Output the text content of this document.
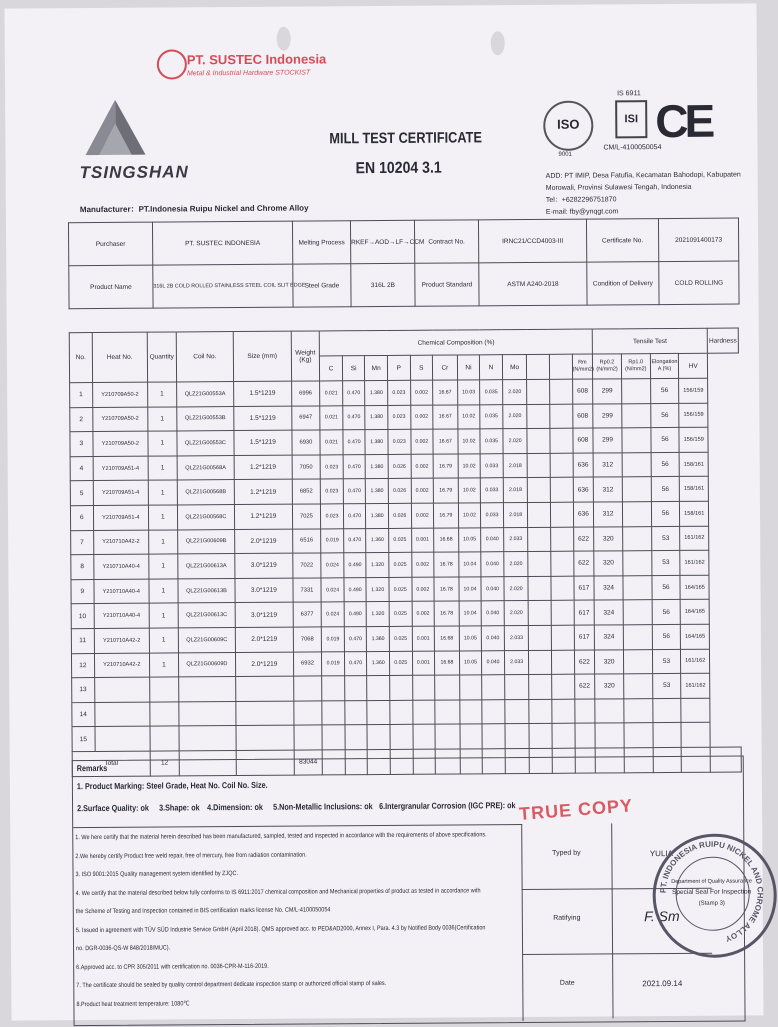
PT. SUSTEC Indonesia
Metal & Industrial Hardware STOCKIST
TSINGSHAN
MILL TEST CERTIFICATE
EN 10204 3.1
ISO
9001
IS 6911
ISI
CM/L-4100050054
CE
ADD: PT IMIP, Desa Fatufia, Kecamatan Bahodopi, Kabupaten Morowali, Provinsi Sulawesi Tengah, Indonesia
Tel：+6282296751870
E-mail: fby@ynqgt.com
Manufacturer：PT.Indonesia Ruipu Nickel and Chrome Alloy
Purchaser	PT. SUSTEC INDONESIA	Melting Process	RKEF→AOD→LF→CCM	Contract No.	IRNC21/CCD4003-III	Certificate No.	2021091400173
Product Name	316L 2B COLD ROLLED STAINLESS STEEL COIL SLIT EDGE	Steel Grade	316L 2B	Product Standard	ASTM A240-2018	Condition of Delivery	COLD ROLLING
No.	Heat No.	Quantity	Coil No.	Size (mm)	Weight
(Kg)	Chemical Composition (%)												Tensile Test				Hardness
						C	Si	Mn	P	S	Cr	Ni	N	Mo			Rm (N/mm2)	Rp0.2 (N/mm2)	Rp1.0 (N/mm2)	Elongation A (%)	HV	
1	Y210709A50-2	1	QLZ21G00553A	1.5*1219	6996	0.021	0.470	1.380	0.023	0.002	16.67	10.03	0.035	2.020			608	299		56	156/159	
2	Y210709A50-2	1	QLZ21G00553B	1.5*1219	6947	0.021	0.470	1.380	0.023	0.002	16.67	10.02	0.035	2.020			608	299		56	156/159	
3	Y210709A50-2	1	QLZ21G00553C	1.5*1219	6930	0.021	0.470	1.380	0.023	0.002	16.67	10.02	0.035	2.020			608	299		56	156/159	
4	Y210709A51-4	1	QLZ21G00568A	1.2*1219	7050	0.023	0.470	1.380	0.026	0.002	16.79	10.02	0.033	2.018			636	312		56	158/161	
5	Y210709A51-4	1	QLZ21G00568B	1.2*1219	6852	0.023	0.470	1.380	0.026	0.002	16.79	10.02	0.033	2.018			636	312		56	158/161	
6	Y210709A51-4	1	QLZ21G00568C	1.2*1219	7025	0.023	0.470	1.380	0.026	0.002	16.79	10.02	0.033	2.018			636	312		56	158/161	
7	Y210710A42-2	1	QLZ21G00609B	2.0*1219	6516	0.019	0.470	1.360	0.025	0.001	16.68	10.05	0.040	2.033			622	320		53	161/162	
8	Y210710A40-4	1	QLZ21G00613A	3.0*1219	7022	0.024	0.490	1.320	0.025	0.002	16.78	10.04	0.040	2.020			622	320		53	161/162	
9	Y210710A40-4	1	QLZ21G00613B	3.0*1219	7331	0.024	0.490	1.320	0.025	0.002	16.78	10.04	0.040	2.020			617	324		56	164/165	
10	Y210710A40-4	1	QLZ21G00613C	3.0*1219	6377	0.024	0.490	1.320	0.025	0.002	16.78	10.04	0.040	2.020			617	324		56	164/165	
11	Y210710A42-2	1	QLZ21G00609C	2.0*1219	7068	0.019	0.470	1.360	0.025	0.001	16.68	10.05	0.040	2.033			617	324		56	164/165	
12	Y210710A42-2	1	QLZ21G00609D	2.0*1219	6932	0.019	0.470	1.360	0.025	0.001	16.68	10.05	0.040	2.033			622	320		53	161/162	
13																	622	320		53	161/162	
14																						
15																						
Total		12			83044																	
Remarks
1. Product Marking: Steel Grade, Heat No. Coil No. Size.
2.Surface Quality: ok 3.Shape: ok 4.Dimension: ok 5.Non-Metallic Inclusions: ok 6.Intergranular Corrosion (IGC PRE): ok TRUE COPY
1. We here certify that the material herein described has been manufactured, sampled, tested and inspected in accordance with the requirements of above specifications.
2.We hereby certify Product free weld repair, free of mercury, free from radiation contamination.
3. ISO 9001:2015 Quality management system identified by ZJQC.
4. We certify that the material described below fully conforms to IS 6911:2017 chemical composition and Mechanical properties of product as tested in accordance with
the Scheme of Testing and Inspection contained in BIS certification marks license No. CM/L-4100050054
5. Issued in agreement with TÜV SÜD Industrie Service GmbH (April 2018). QMS approved acc. to PED&AD2000, Annex I, Para. 4.3 by Notified Body 0036(Certification
no. DGR-0036-QS-W 848/2018/MUC).
6.Approved acc. to CPR 305/2011 with certification no. 0036-CPR-M-116-2019.
7. The certificate should be sealed by quality control department dedicate inspection stamp or authorized official stamp of sales.
8.Product heat treatment temperature: 1080℃
Typed by	YULIA
Ratifying	F. Sm
Date	2021.09.14
PT. INDONESIA RUIPU NICKEL AND CHROME ALLOY
Department of Quality Assurance
Special Seal For Inspection
(Stamp 3)
